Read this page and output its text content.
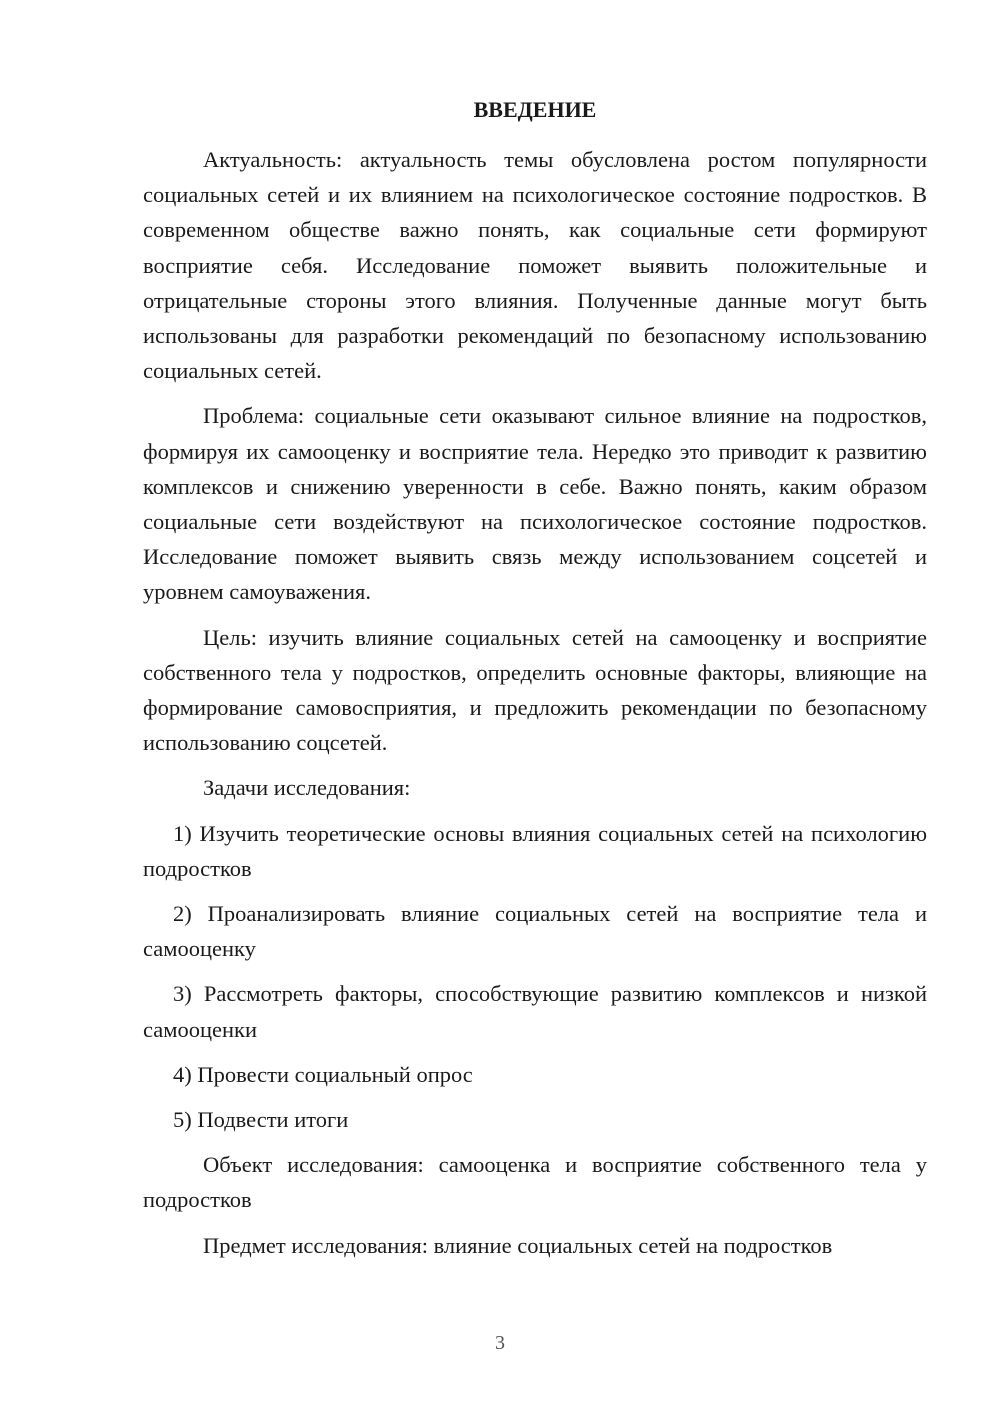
ВВЕДЕНИЕ

Актуальность: актуальность темы обусловлена ростом популярности социальных сетей и их влиянием на психологическое состояние подростков. В современном обществе важно понять, как социальные сети формируют восприятие себя. Исследование поможет выявить положительные и отрицательные стороны этого влияния. Полученные данные могут быть использованы для разработки рекомендаций по безопасному использованию социальных сетей.

Проблема: социальные сети оказывают сильное влияние на подростков, формируя их самооценку и восприятие тела. Нередко это приводит к развитию комплексов и снижению уверенности в себе. Важно понять, каким образом социальные сети воздействуют на психологическое состояние подростков. Исследование поможет выявить связь между использованием соцсетей и уровнем самоуважения.

Цель: изучить влияние социальных сетей на самооценку и восприятие собственного тела у подростков, определить основные факторы, влияющие на формирование самовосприятия, и предложить рекомендации по безопасному использованию соцсетей.

Задачи исследования:

1) Изучить теоретические основы влияния социальных сетей на психологию подростков

2) Проанализировать влияние социальных сетей на восприятие тела и самооценку

3) Рассмотреть факторы, способствующие развитию комплексов и низкой самооценки

4) Провести социальный опрос

5) Подвести итоги

Объект исследования: самооценка и восприятие собственного тела у подростков

Предмет исследования: влияние социальных сетей на подростков

3
